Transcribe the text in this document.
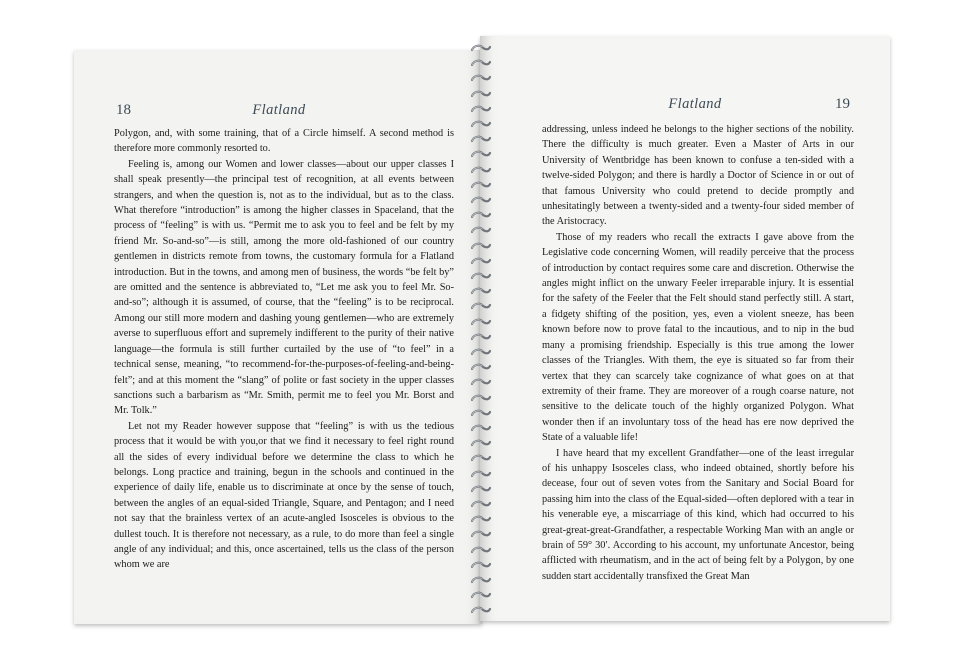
18	Flatland

Polygon, and, with some training, that of a Circle himself. A second method is therefore more commonly resorted to.

Feeling is, among our Women and lower classes—about our upper classes I shall speak presently—the principal test of recognition, at all events between strangers, and when the question is, not as to the individual, but as to the class. What therefore “introduction” is among the higher classes in Spaceland, that the process of “feeling” is with us. “Permit me to ask you to feel and be felt by my friend Mr. So-and-so”—is still, among the more old-fashioned of our country gentlemen in districts remote from towns, the customary formula for a Flatland introduction. But in the towns, and among men of business, the words “be felt by” are omitted and the sentence is abbreviated to, “Let me ask you to feel Mr. So-and-so”; although it is assumed, of course, that the “feeling” is to be reciprocal. Among our still more modern and dashing young gentlemen—who are extremely averse to superfluous effort and supremely indifferent to the purity of their native language—the formula is still further curtailed by the use of “to feel” in a technical sense, meaning, “to recommend-for-the-purposes-of-feeling-and-being-felt”; and at this moment the “slang” of polite or fast society in the upper classes sanctions such a barbarism as “Mr. Smith, permit me to feel you Mr. Borst and Mr. Tolk.”

Let not my Reader however suppose that “feeling” is with us the tedious process that it would be with you,or that we find it necessary to feel right round all the sides of every individual before we determine the class to which he belongs. Long practice and training, begun in the schools and continued in the experience of daily life, enable us to discriminate at once by the sense of touch, between the angles of an equal-sided Triangle, Square, and Pentagon; and I need not say that the brainless vertex of an acute-angled Isosceles is obvious to the dullest touch. It is therefore not necessary, as a rule, to do more than feel a single angle of any individual; and this, once ascertained, tells us the class of the person whom we are

Flatland	19

addressing, unless indeed he belongs to the higher sections of the nobility. There the difficulty is much greater. Even a Master of Arts in our University of Wentbridge has been known to confuse a ten-sided with a twelve-sided Polygon; and there is hardly a Doctor of Science in or out of that famous University who could pretend to decide promptly and unhesitatingly between a twenty-sided and a twenty-four sided member of the Aristocracy.

Those of my readers who recall the extracts I gave above from the Legislative code concerning Women, will readily perceive that the process of introduction by contact requires some care and discretion. Otherwise the angles might inflict on the unwary Feeler irreparable injury. It is essential for the safety of the Feeler that the Felt should stand perfectly still. A start, a fidgety shifting of the position, yes, even a violent sneeze, has been known before now to prove fatal to the incautious, and to nip in the bud many a promising friendship. Especially is this true among the lower classes of the Triangles. With them, the eye is situated so far from their vertex that they can scarcely take cognizance of what goes on at that extremity of their frame. They are moreover of a rough coarse nature, not sensitive to the delicate touch of the highly organized Polygon. What wonder then if an involuntary toss of the head has ere now deprived the State of a valuable life!

I have heard that my excellent Grandfather—one of the least irregular of his unhappy Isosceles class, who indeed obtained, shortly before his decease, four out of seven votes from the Sanitary and Social Board for passing him into the class of the Equal-sided—often deplored with a tear in his venerable eye, a miscarriage of this kind, which had occurred to his great-great-great-Grandfather, a respectable Working Man with an angle or brain of 59° 30′. According to his account, my unfortunate Ancestor, being afflicted with rheumatism, and in the act of being felt by a Polygon, by one sudden start accidentally transfixed the Great Man
